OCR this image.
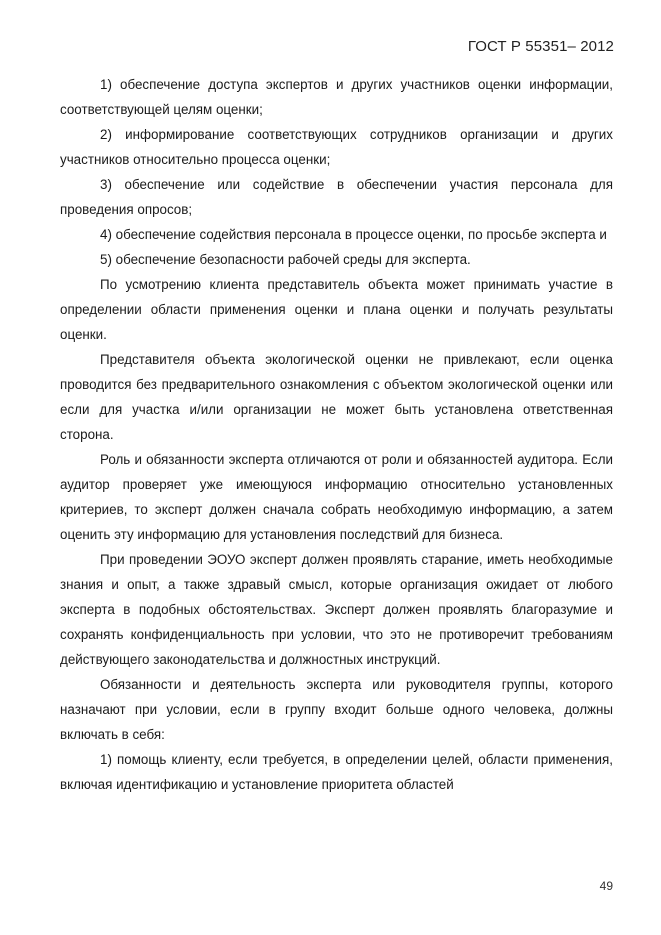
ГОСТ Р 55351– 2012

1) обеспечение доступа экспертов и других участников оценки информации, соответствующей целям оценки;

2) информирование соответствующих сотрудников организации и других участников относительно процесса оценки;

3) обеспечение или содействие в обеспечении участия персонала для проведения опросов;

4) обеспечение содействия персонала в процессе оценки, по просьбе эксперта и

5) обеспечение безопасности рабочей среды для эксперта.

По усмотрению клиента представитель объекта может принимать участие в определении области применения оценки и плана оценки и получать результаты оценки.

Представителя объекта экологической оценки не привлекают, если оценка проводится без предварительного ознакомления с объектом экологической оценки или если для участка и/или организации не может быть установлена ответственная сторона.

Роль и обязанности эксперта отличаются от роли и обязанностей аудитора. Если аудитор проверяет уже имеющуюся информацию относительно установленных критериев, то эксперт должен сначала собрать необходимую информацию, а затем оценить эту информацию для установления последствий для бизнеса.

При проведении ЭОУО эксперт должен проявлять старание, иметь необходимые знания и опыт, а также здравый смысл, которые организация ожидает от любого эксперта в подобных обстоятельствах. Эксперт должен проявлять благоразумие и сохранять конфиденциальность при условии, что это не противоречит требованиям действующего законодательства и должностных инструкций.

Обязанности и деятельность эксперта или руководителя группы, которого назначают при условии, если в группу входит больше одного человека, должны включать в себя:

1) помощь клиенту, если требуется, в определении целей, области применения, включая идентификацию и установление приоритета областей

49
